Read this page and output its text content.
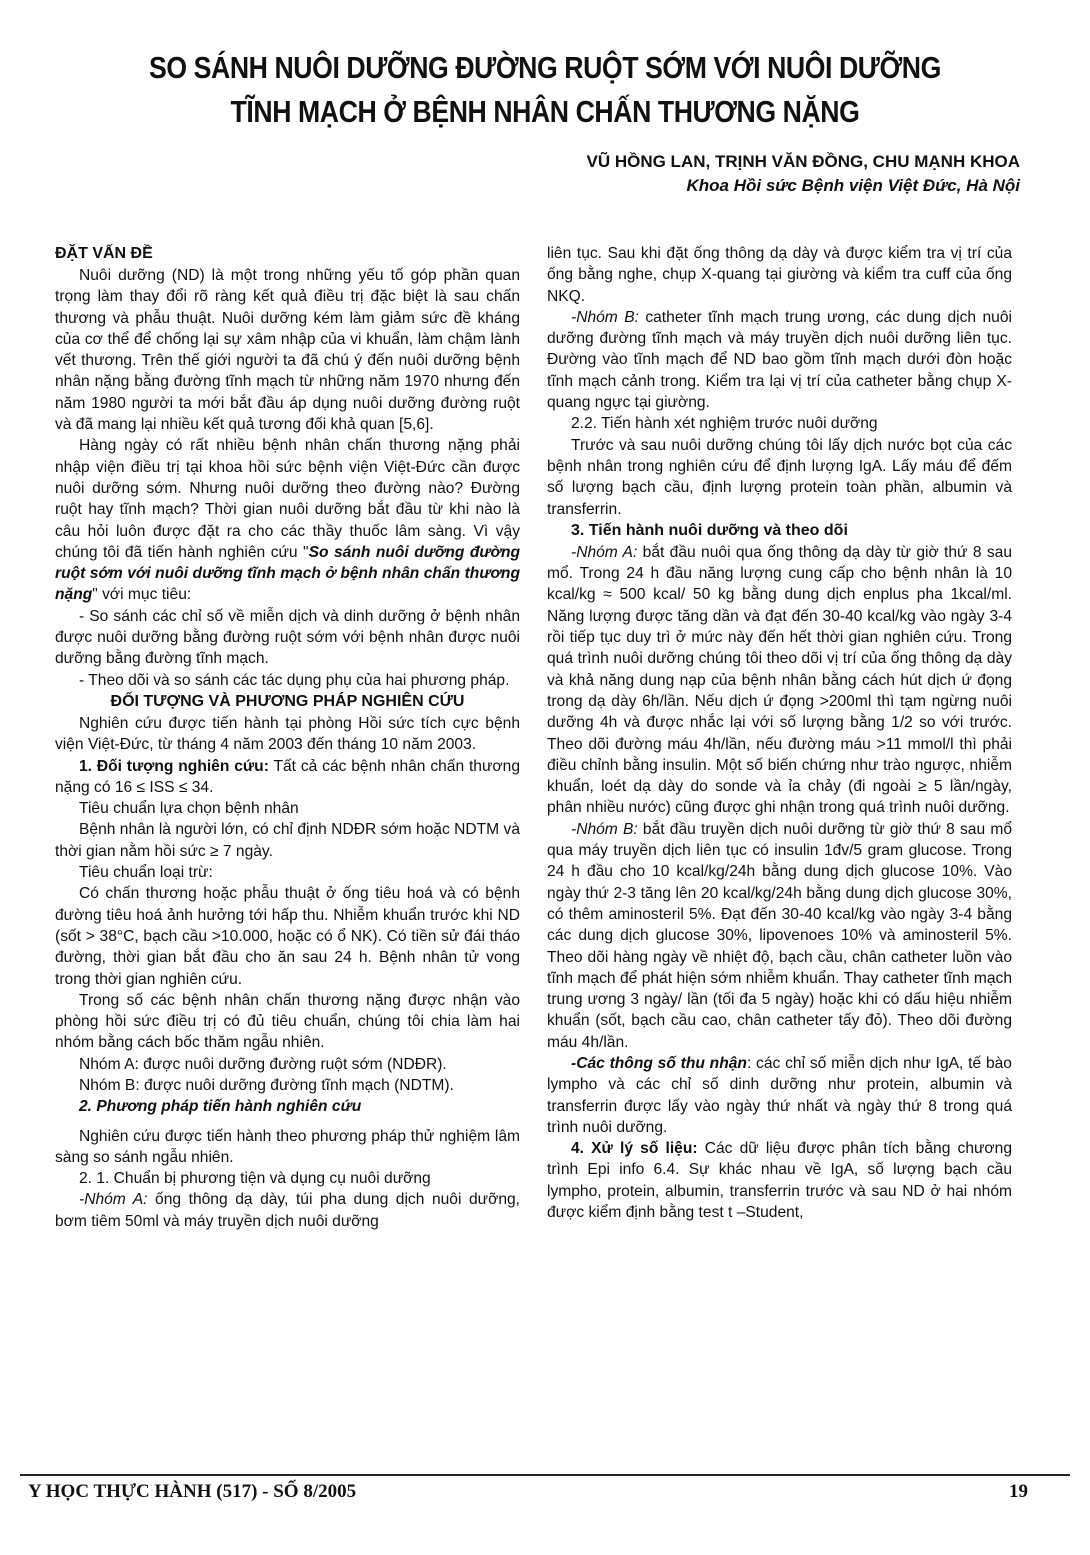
SO SÁNH NUÔI DƯỠNG ĐƯỜNG RUỘT SỚM VỚI NUÔI DƯỠNG
TĨNH MẠCH Ở BỆNH NHÂN CHẤN THƯƠNG NẶNG
VŨ HỒNG LAN, TRỊNH VĂN ĐỒNG, CHU MẠNH KHOA
Khoa Hồi sức Bệnh viện Việt Đức, Hà Nội
ĐẶT VẤN ĐỀ

Nuôi dưỡng (ND) là một trong những yếu tố góp phần quan trọng làm thay đổi rõ ràng kết quả điều trị đặc biệt là sau chấn thương và phẫu thuật. Nuôi dưỡng kém làm giảm sức đề kháng của cơ thể để chống lại sự xâm nhập của vi khuẩn, làm chậm lành vết thương. Trên thế giới người ta đã chú ý đến nuôi dưỡng bệnh nhân nặng bằng đường tĩnh mạch từ những năm 1970 nhưng đến năm 1980 người ta mới bắt đầu áp dụng nuôi dưỡng đường ruột và đã mang lại nhiều kết quả tương đối khả quan [5,6].

Hàng ngày có rất nhiều bệnh nhân chấn thương nặng phải nhập viện điều trị tại khoa hồi sức bệnh viện Việt-Đức cần được nuôi dưỡng sớm. Nhưng nuôi dưỡng theo đường nào? Đường ruột hay tĩnh mạch? Thời gian nuôi dưỡng bắt đầu từ khi nào là câu hỏi luôn được đặt ra cho các thầy thuốc lâm sàng. Vì vậy chúng tôi đã tiến hành nghiên cứu "So sánh nuôi dưỡng đường ruột sớm với nuôi dưỡng tĩnh mạch ở bệnh nhân chấn thương nặng" với mục tiêu:

- So sánh các chỉ số về miễn dịch và dinh dưỡng ở bệnh nhân được nuôi dưỡng bằng đường ruột sớm với bệnh nhân được nuôi dưỡng bằng đường tĩnh mạch.

- Theo dõi và so sánh các tác dụng phụ của hai phương pháp.

ĐỐI TƯỢNG VÀ PHƯƠNG PHÁP NGHIÊN CỨU

Nghiên cứu được tiến hành tại phòng Hồi sức tích cực bệnh viện Việt-Đức, từ tháng 4 năm 2003 đến tháng 10 năm 2003.

1. Đối tượng nghiên cứu: Tất cả các bệnh nhân chấn thương nặng có 16 ≤ ISS ≤ 34.

Tiêu chuẩn lựa chọn bệnh nhân

Bệnh nhân là người lớn, có chỉ định NDĐR sớm hoặc NDTM và thời gian nằm hồi sức ≥ 7 ngày.

Tiêu chuẩn loại trừ:

Có chấn thương hoặc phẫu thuật ở ống tiêu hoá và có bệnh đường tiêu hoá ảnh hưởng tới hấp thu. Nhiễm khuẩn trước khi ND (sốt > 38°C, bạch cầu >10.000, hoặc có ổ NK). Có tiền sử đái tháo đường, thời gian bắt đầu cho ăn sau 24 h. Bệnh nhân tử vong trong thời gian nghiên cứu.

Trong số các bệnh nhân chấn thương nặng được nhận vào phòng hồi sức điều trị có đủ tiêu chuẩn, chúng tôi chia làm hai nhóm bằng cách bốc thăm ngẫu nhiên.

Nhóm A: được nuôi dưỡng đường ruột sớm (NDĐR).

Nhóm B: được nuôi dưỡng đường tĩnh mạch (NDTM).

2. Phương pháp tiến hành nghiên cứu

Nghiên cứu được tiến hành theo phương pháp thử nghiệm lâm sàng so sánh ngẫu nhiên.

2. 1. Chuẩn bị phương tiện và dụng cụ nuôi dưỡng

-Nhóm A: ống thông dạ dày, túi pha dung dịch nuôi dưỡng, bơm tiêm 50ml và máy truyền dịch nuôi dưỡng

liên tục. Sau khi đặt ống thông dạ dày và được kiểm tra vị trí của ống bằng nghe, chụp X-quang tại giường và kiểm tra cuff của ống NKQ.

-Nhóm B: catheter tĩnh mạch trung ương, các dung dịch nuôi dưỡng đường tĩnh mạch và máy truyền dịch nuôi dưỡng liên tục. Đường vào tĩnh mạch để ND bao gồm tĩnh mạch dưới đòn hoặc tĩnh mạch cảnh trong. Kiểm tra lại vị trí của catheter bằng chụp X-quang ngực tại giường.

2.2. Tiến hành xét nghiệm trước nuôi dưỡng

Trước và sau nuôi dưỡng chúng tôi lấy dịch nước bọt của các bệnh nhân trong nghiên cứu để định lượng IgA. Lấy máu để đếm số lượng bạch cầu, định lượng protein toàn phần, albumin và transferrin.

3. Tiến hành nuôi dưỡng và theo dõi

-Nhóm A: bắt đầu nuôi qua ống thông dạ dày từ giờ thứ 8 sau mổ. Trong 24 h đầu năng lượng cung cấp cho bệnh nhân là 10 kcal/kg ≈ 500 kcal/ 50 kg bằng dung dịch enplus pha 1kcal/ml. Năng lượng được tăng dần và đạt đến 30-40 kcal/kg vào ngày 3-4 rồi tiếp tục duy trì ở mức này đến hết thời gian nghiên cứu. Trong quá trình nuôi dưỡng chúng tôi theo dõi vị trí của ống thông dạ dày và khả năng dung nạp của bệnh nhân bằng cách hút dịch ứ đọng trong dạ dày 6h/lần. Nếu dịch ứ đọng >200ml thì tạm ngừng nuôi dưỡng 4h và được nhắc lại với số lượng bằng 1/2 so với trước. Theo dõi đường máu 4h/lần, nếu đường máu >11 mmol/l thì phải điều chỉnh bằng insulin. Một số biến chứng như trào ngược, nhiễm khuẩn, loét dạ dày do sonde và ỉa chảy (đi ngoài ≥ 5 lần/ngày, phân nhiều nước) cũng được ghi nhận trong quá trình nuôi dưỡng.

-Nhóm B: bắt đầu truyền dịch nuôi dưỡng từ giờ thứ 8 sau mổ qua máy truyền dịch liên tục có insulin 1đv/5 gram glucose. Trong 24 h đầu cho 10 kcal/kg/24h bằng dung dịch glucose 10%. Vào ngày thứ 2-3 tăng lên 20 kcal/kg/24h bằng dung dịch glucose 30%, có thêm aminosteril 5%. Đạt đến 30-40 kcal/kg vào ngày 3-4 bằng các dung dịch glucose 30%, lipovenoes 10% và aminosteril 5%. Theo dõi hàng ngày về nhiệt độ, bạch cầu, chân catheter luồn vào tĩnh mạch để phát hiện sớm nhiễm khuẩn. Thay catheter tĩnh mạch trung ương 3 ngày/ lần (tối đa 5 ngày) hoặc khi có dấu hiệu nhiễm khuẩn (sốt, bạch cầu cao, chân catheter tấy đỏ). Theo dõi đường máu 4h/lần.

-Các thông số thu nhận: các chỉ số miễn dịch như IgA, tế bào lympho và các chỉ số dinh dưỡng như protein, albumin và transferrin được lấy vào ngày thứ nhất và ngày thứ 8 trong quá trình nuôi dưỡng.

4. Xử lý số liệu: Các dữ liệu được phân tích bằng chương trình Epi info 6.4. Sự khác nhau về IgA, số lượng bạch cầu lympho, protein, albumin, transferrin trước và sau ND ở hai nhóm được kiểm định bằng test t –Student,

Y HỌC THỰC HÀNH (517) - SỐ 8/2005	19
